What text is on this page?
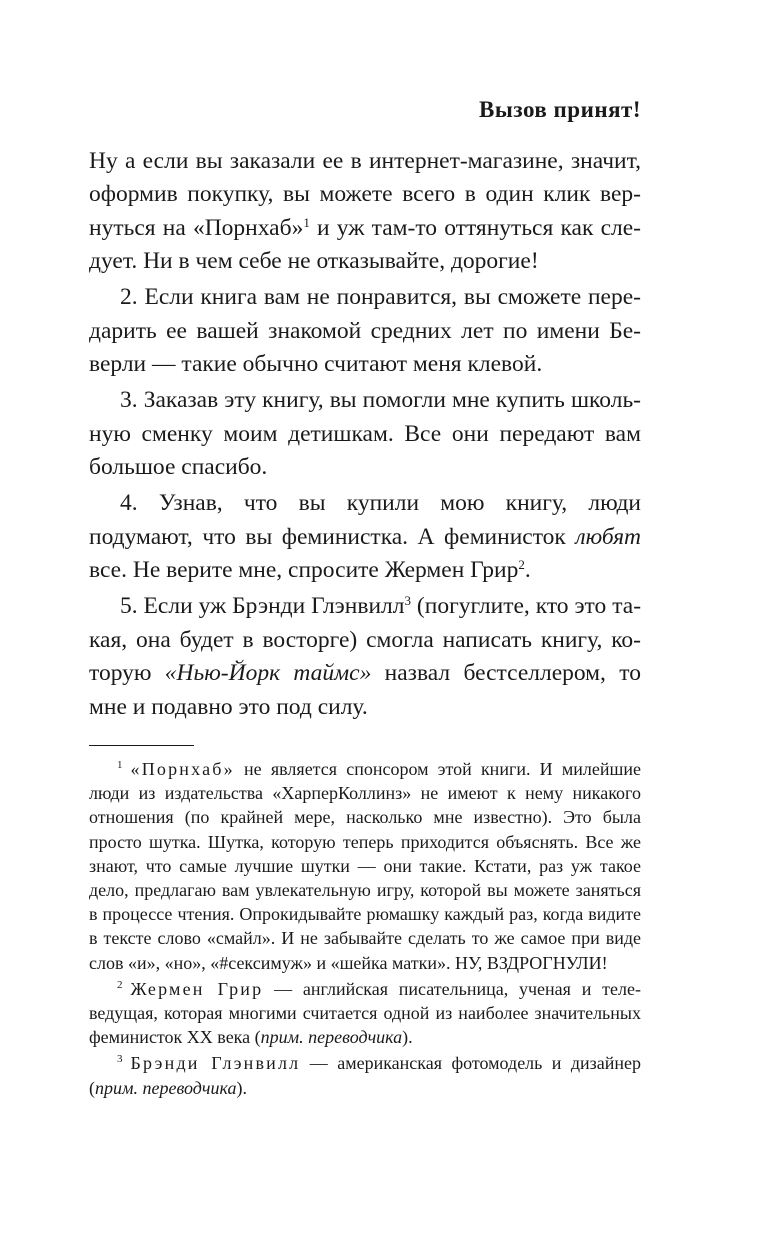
Вызов принят!

Ну а если вы заказали ее в интернет-магазине, значит, оформив покупку, вы можете всего в один клик вернуться на «Порнхаб»$^1$ и уж там-то оттянуться как следует. Ни в чем себе не отказывайте, дорогие!

2. Если книга вам не понравится, вы сможете передарить ее вашей знакомой средних лет по имени Беверли — такие обычно считают меня клевой.

3. Заказав эту книгу, вы помогли мне купить школьную сменку моим детишкам. Все они передают вам большое спасибо.

4. Узнав, что вы купили мою книгу, люди подумают, что вы феминистка. А феминисток любят все. Не верите мне, спросите Жермен Грир$^2$.

5. Если уж Брэнди Глэнвилл$^3$ (погуглите, кто это такая, она будет в восторге) смогла написать книгу, которую «Нью-Йорк таймс» назвал бестселлером, то мне и подавно это под силу.

$^1$ «Порнхаб» не является спонсором этой книги. И милейшие люди из издательства «ХарперКоллинз» не имеют к нему никакого отношения (по крайней мере, насколько мне известно). Это была просто шутка. Шутка, которую теперь приходится объяснять. Все же знают, что самые лучшие шутки — они такие. Кстати, раз уж такое дело, предлагаю вам увлекательную игру, которой вы можете заняться в процессе чтения. Опрокидывайте рюмашку каждый раз, когда видите в тексте слово «смайл». И не забывайте сделать то же самое при виде слов «и», «но», «#сексимуж» и «шейка матки». НУ, ВЗДРОГНУЛИ!

$^2$ Жермен Грир — английская писательница, ученая и телеведущая, которая многими считается одной из наиболее значительных феминисток XX века (прим. переводчика).

$^3$ Брэнди Глэнвилл — американская фотомодель и дизайнер (прим. переводчика).
